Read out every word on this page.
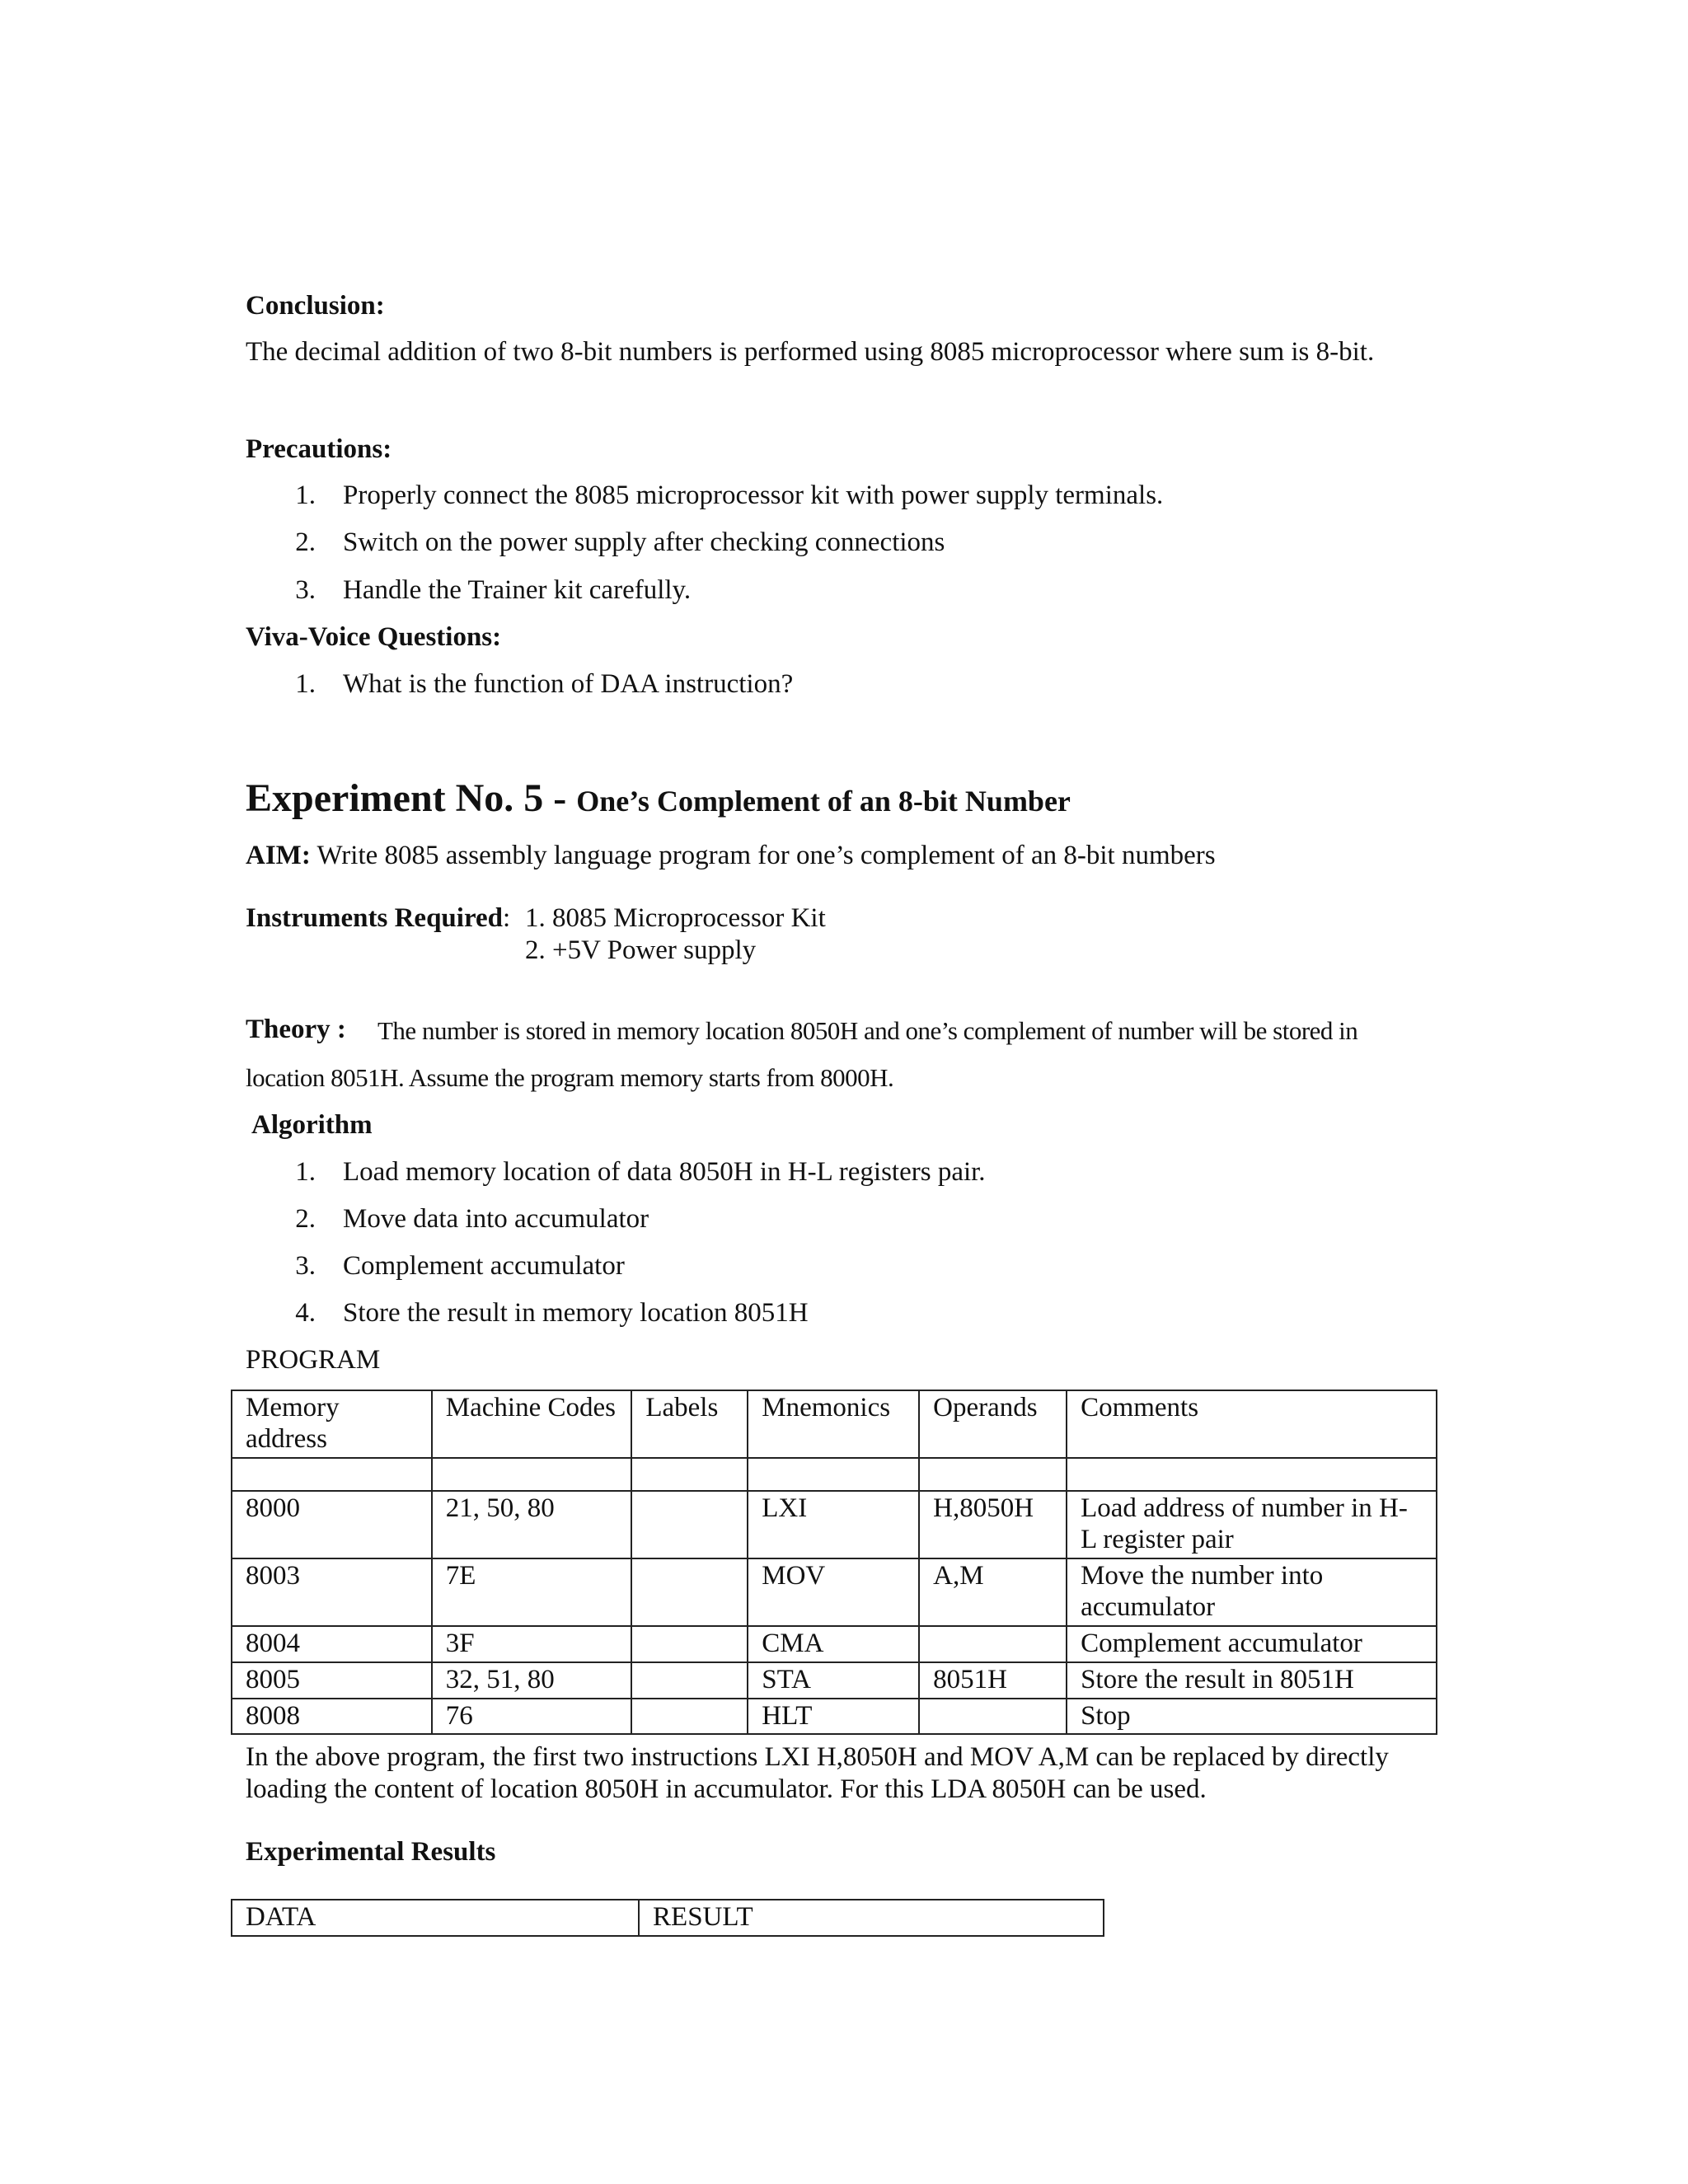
Conclusion:
The decimal addition of two 8-bit numbers is performed using 8085 microprocessor where sum is 8-bit.
Precautions:
1. Properly connect the 8085 microprocessor kit with power supply terminals.
2. Switch on the power supply after checking connections
3. Handle the Trainer kit carefully.
Viva-Voice Questions:
1. What is the function of DAA instruction?
Experiment No. 5 - One’s Complement of an 8-bit Number
AIM: Write 8085 assembly language program for one’s complement of an 8-bit numbers
Instruments Required: 1. 8085 Microprocessor Kit
2. +5V Power supply
Theory : The number is stored in memory location 8050H and one’s complement of number will be stored in
location 8051H. Assume the program memory starts from 8000H.
Algorithm
1. Load memory location of data 8050H in H-L registers pair.
2. Move data into accumulator
3. Complement accumulator
4. Store the result in memory location 8051H
PROGRAM
Memory address	Machine Codes	Labels	Mnemonics	Operands	Comments

8000	21, 50, 80		LXI	H,8050H	Load address of number in H-L register pair
8003	7E		MOV	A,M	Move the number into accumulator
8004	3F		CMA		Complement accumulator
8005	32, 51, 80		STA	8051H	Store the result in 8051H
8008	76		HLT		Stop
In the above program, the first two instructions LXI H,8050H and MOV A,M can be replaced by directly
loading the content of location 8050H in accumulator. For this LDA 8050H can be used.
Experimental Results
DATA	RESULT
